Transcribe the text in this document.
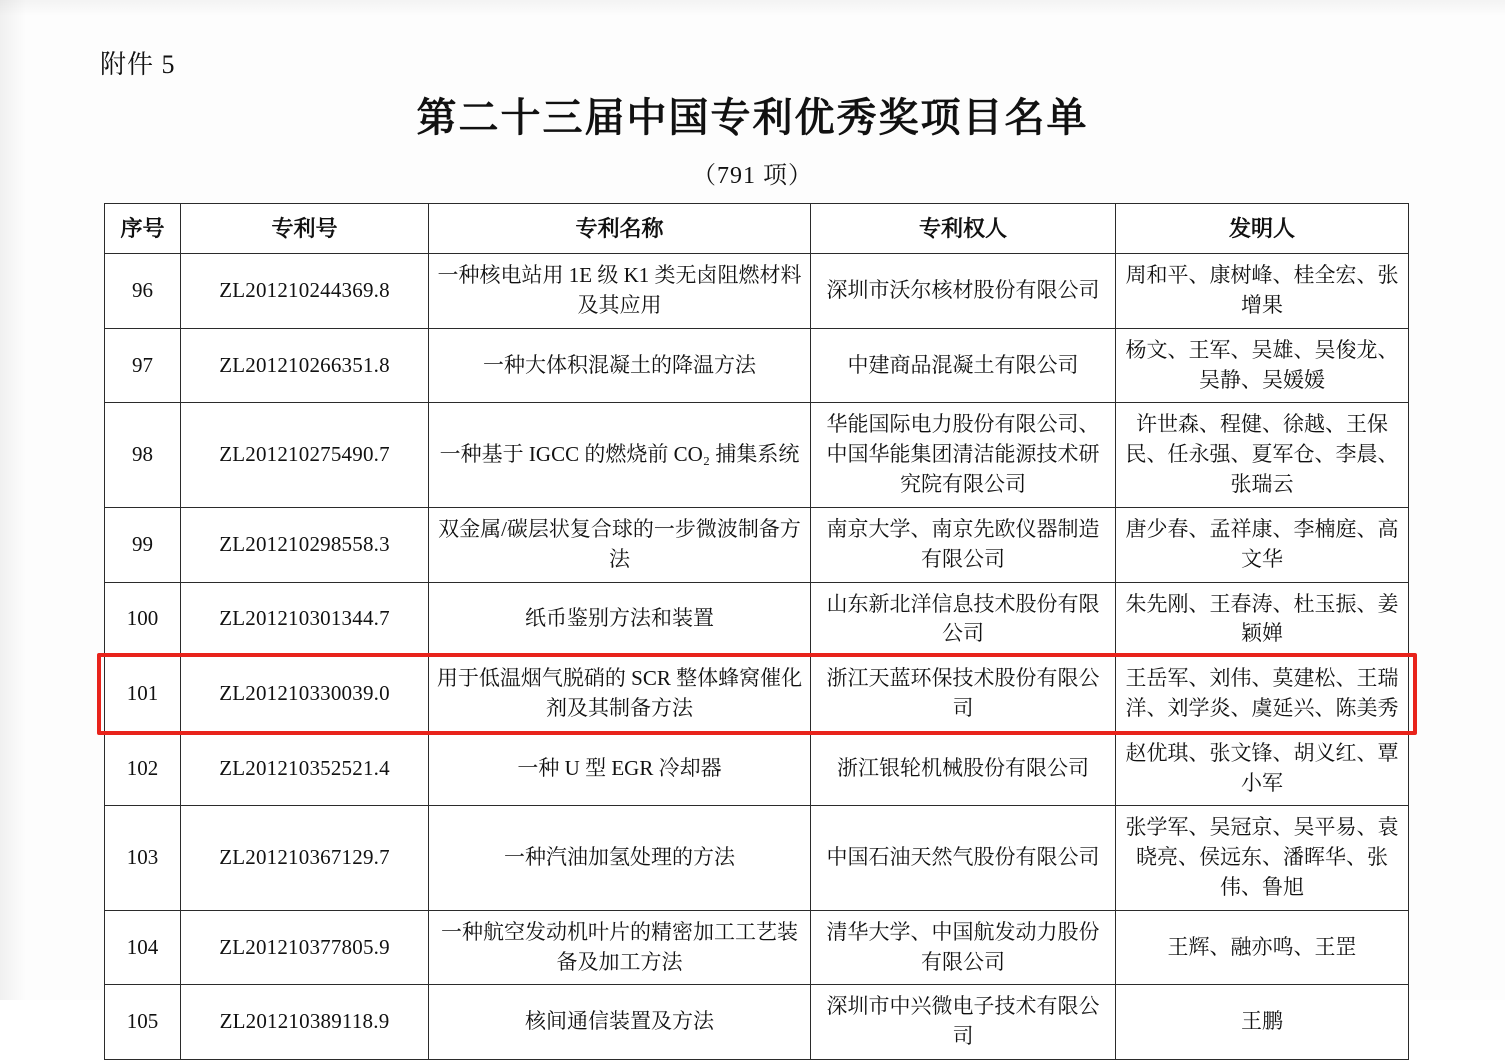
附件 5
第二十三届中国专利优秀奖项目名单
（791 项）
序号	专利号	专利名称	专利权人	发明人
96	ZL201210244369.8	一种核电站用 1E 级 K1 类无卤阻燃材料及其应用	深圳市沃尔核材股份有限公司	周和平、康树峰、桂全宏、张增果
97	ZL201210266351.8	一种大体积混凝土的降温方法	中建商品混凝土有限公司	杨文、王军、吴雄、吴俊龙、吴静、吴媛媛
98	ZL201210275490.7	一种基于 IGCC 的燃烧前 CO₂ 捕集系统	华能国际电力股份有限公司、中国华能集团清洁能源技术研究院有限公司	许世森、程健、徐越、王保民、任永强、夏军仓、李晨、张瑞云
99	ZL201210298558.3	双金属/碳层状复合球的一步微波制备方法	南京大学、南京先欧仪器制造有限公司	唐少春、孟祥康、李楠庭、高文华
100	ZL201210301344.7	纸币鉴别方法和装置	山东新北洋信息技术股份有限公司	朱先刚、王春涛、杜玉振、姜颖婵
101	ZL201210330039.0	用于低温烟气脱硝的 SCR 整体蜂窝催化剂及其制备方法	浙江天蓝环保技术股份有限公司	王岳军、刘伟、莫建松、王瑞洋、刘学炎、虞延兴、陈美秀
102	ZL201210352521.4	一种 U 型 EGR 冷却器	浙江银轮机械股份有限公司	赵优琪、张文锋、胡义红、覃小军
103	ZL201210367129.7	一种汽油加氢处理的方法	中国石油天然气股份有限公司	张学军、吴冠京、吴平易、袁晓亮、侯远东、潘晖华、张伟、鲁旭
104	ZL201210377805.9	一种航空发动机叶片的精密加工工艺装备及加工方法	清华大学、中国航发动力股份有限公司	王辉、融亦鸣、王罡
105	ZL201210389118.9	核间通信装置及方法	深圳市中兴微电子技术有限公司	王鹏
